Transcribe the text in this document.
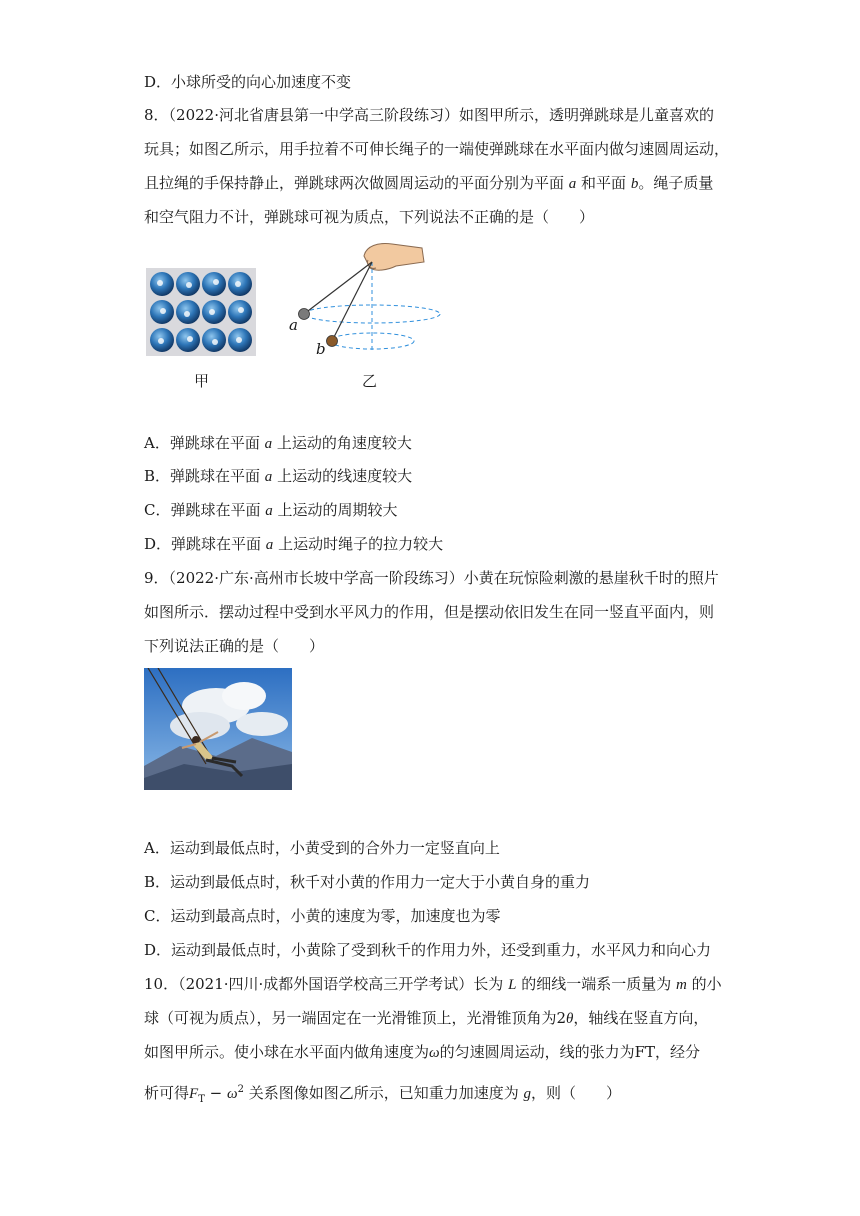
D．小球所受的向心加速度不变
8．（2022·河北省唐县第一中学高三阶段练习）如图甲所示，透明弹跳球是儿童喜欢的
玩具；如图乙所示，用手拉着不可伸长绳子的一端使弹跳球在水平面内做匀速圆周运动，
且拉绳的手保持静止，弹跳球两次做圆周运动的平面分别为平面 a 和平面 b。绳子质量
和空气阻力不计，弹跳球可视为质点，下列说法不正确的是（　　）
甲
a
b
乙
A．弹跳球在平面 a 上运动的角速度较大
B．弹跳球在平面 a 上运动的线速度较大
C．弹跳球在平面 a 上运动的周期较大
D．弹跳球在平面 a 上运动时绳子的拉力较大
9．（2022·广东·高州市长坡中学高一阶段练习）小黄在玩惊险刺激的悬崖秋千时的照片
如图所示．摆动过程中受到水平风力的作用，但是摆动依旧发生在同一竖直平面内，则
下列说法正确的是（　　）
A．运动到最低点时，小黄受到的合外力一定竖直向上
B．运动到最低点时，秋千对小黄的作用力一定大于小黄自身的重力
C．运动到最高点时，小黄的速度为零，加速度也为零
D．运动到最低点时，小黄除了受到秋千的作用力外，还受到重力，水平风力和向心力
10．（2021·四川·成都外国语学校高三开学考试）长为 L 的细线一端系一质量为 m 的小
球（可视为质点），另一端固定在一光滑锥顶上，光滑锥顶角为2θ，轴线在竖直方向，
如图甲所示。使小球在水平面内做角速度为ω的匀速圆周运动，线的张力为FT，经分
析可得$F_T - \omega^2$ 关系图像如图乙所示，已知重力加速度为 g，则（　　）
